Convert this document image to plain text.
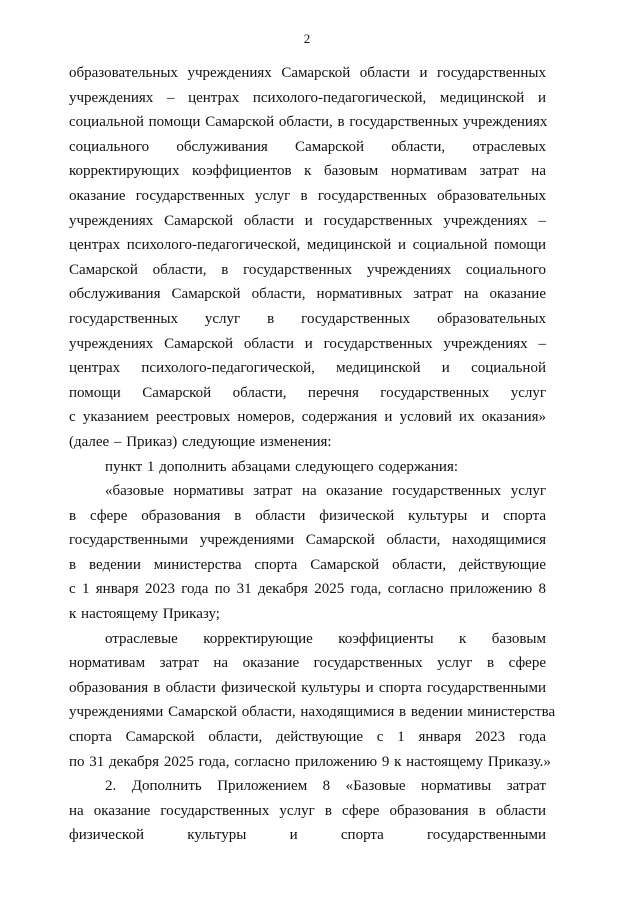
2
образовательных учреждениях Самарской области и государственных
учреждениях – центрах психолого-педагогической, медицинской и
социальной помощи Самарской области, в государственных учреждениях
социального обслуживания Самарской области, отраслевых
корректирующих коэффициентов к базовым нормативам затрат на
оказание государственных услуг в государственных образовательных
учреждениях Самарской области и государственных учреждениях –
центрах психолого-педагогической, медицинской и социальной помощи
Самарской области, в государственных учреждениях социального
обслуживания Самарской области, нормативных затрат на оказание
государственных услуг в государственных образовательных
учреждениях Самарской области и государственных учреждениях –
центрах психолого-педагогической, медицинской и социальной
помощи Самарской области, перечня государственных услуг
с указанием реестровых номеров, содержания и условий их оказания»
(далее – Приказ) следующие изменения:
пункт 1 дополнить абзацами следующего содержания:
«базовые нормативы затрат на оказание государственных услуг
в сфере образования в области физической культуры и спорта
государственными учреждениями Самарской области, находящимися
в ведении министерства спорта Самарской области, действующие
с 1 января 2023 года по 31 декабря 2025 года, согласно приложению 8
к настоящему Приказу;
отраслевые корректирующие коэффициенты к базовым
нормативам затрат на оказание государственных услуг в сфере
образования в области физической культуры и спорта государственными
учреждениями Самарской области, находящимися в ведении министерства
спорта Самарской области, действующие с 1 января 2023 года
по 31 декабря 2025 года, согласно приложению 9 к настоящему Приказу.»
2. Дополнить Приложением 8 «Базовые нормативы затрат
на оказание государственных услуг в сфере образования в области
физической культуры и спорта государственными
